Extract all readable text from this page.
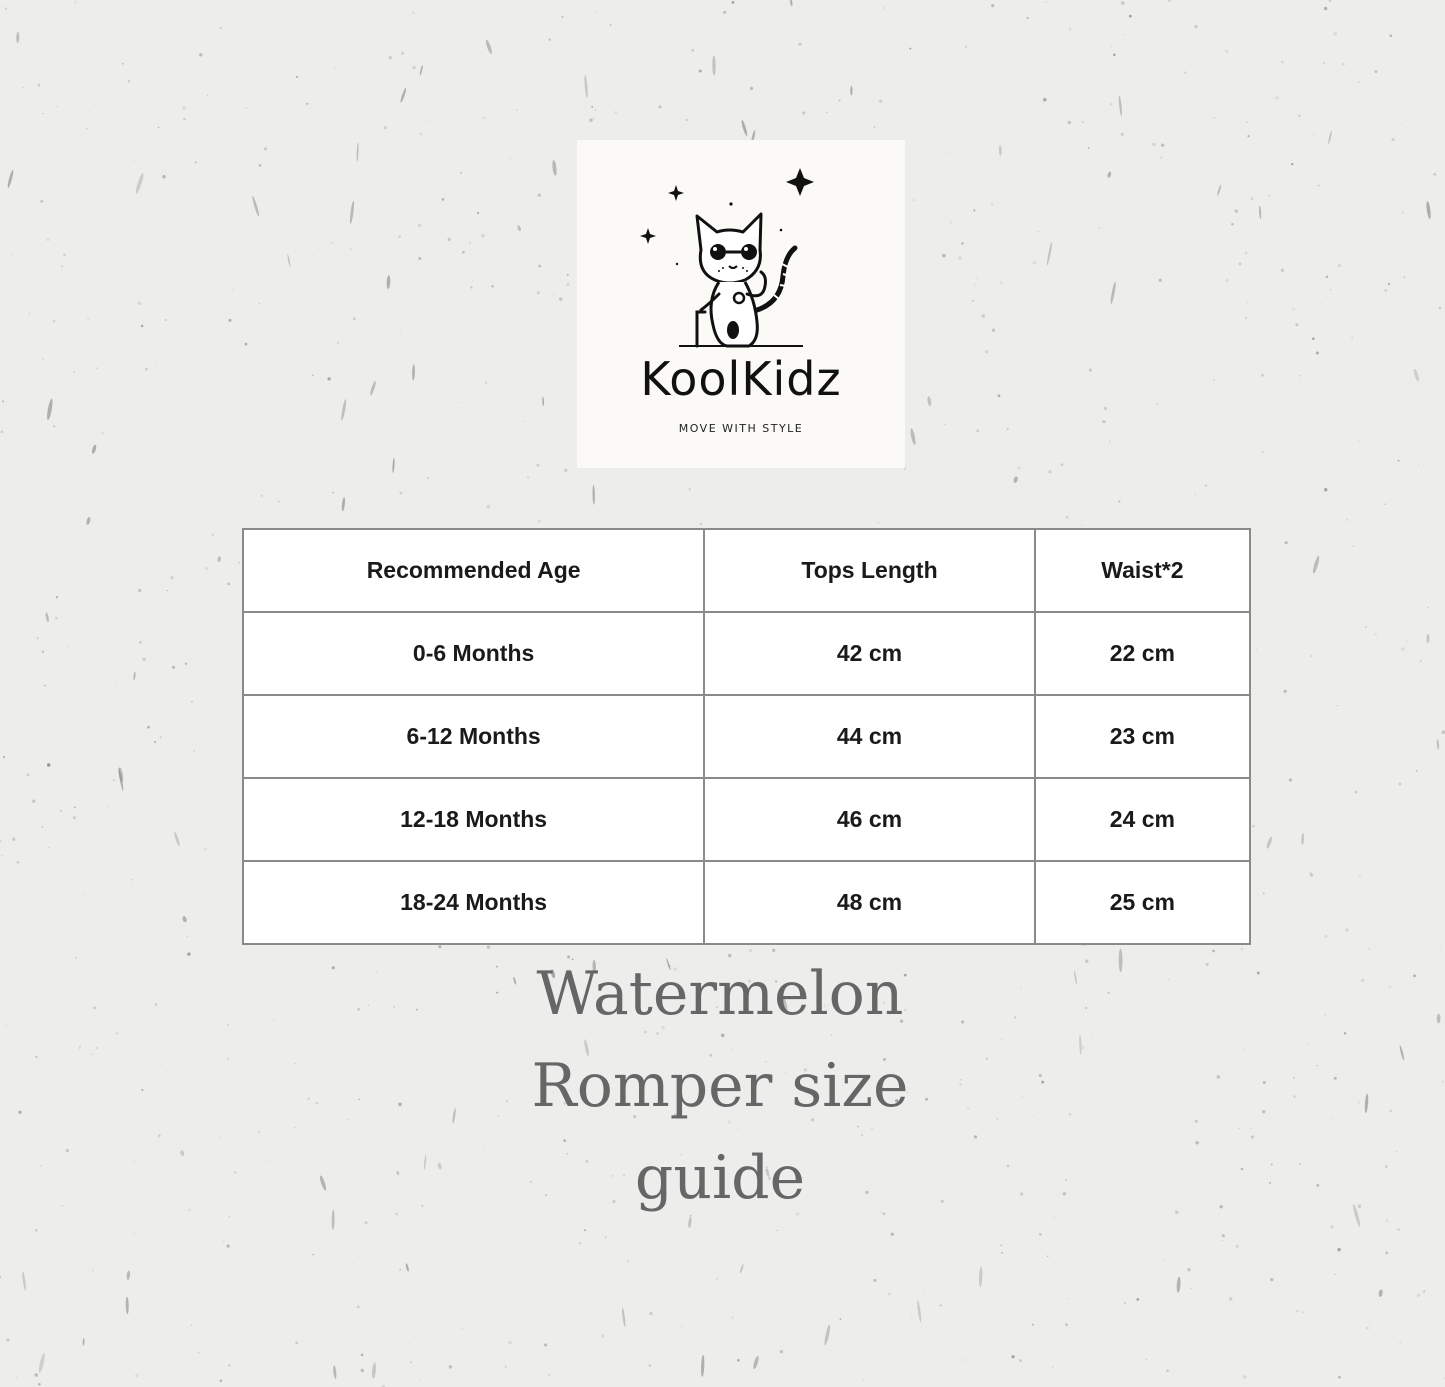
KoolKidz
MOVE WITH STYLE
Recommended Age	Tops Length	Waist*2
0-6 Months	42 cm	22 cm
6-12 Months	44 cm	23 cm
12-18 Months	46 cm	24 cm
18-24 Months	48 cm	25 cm
Watermelon
Romper size
guide
